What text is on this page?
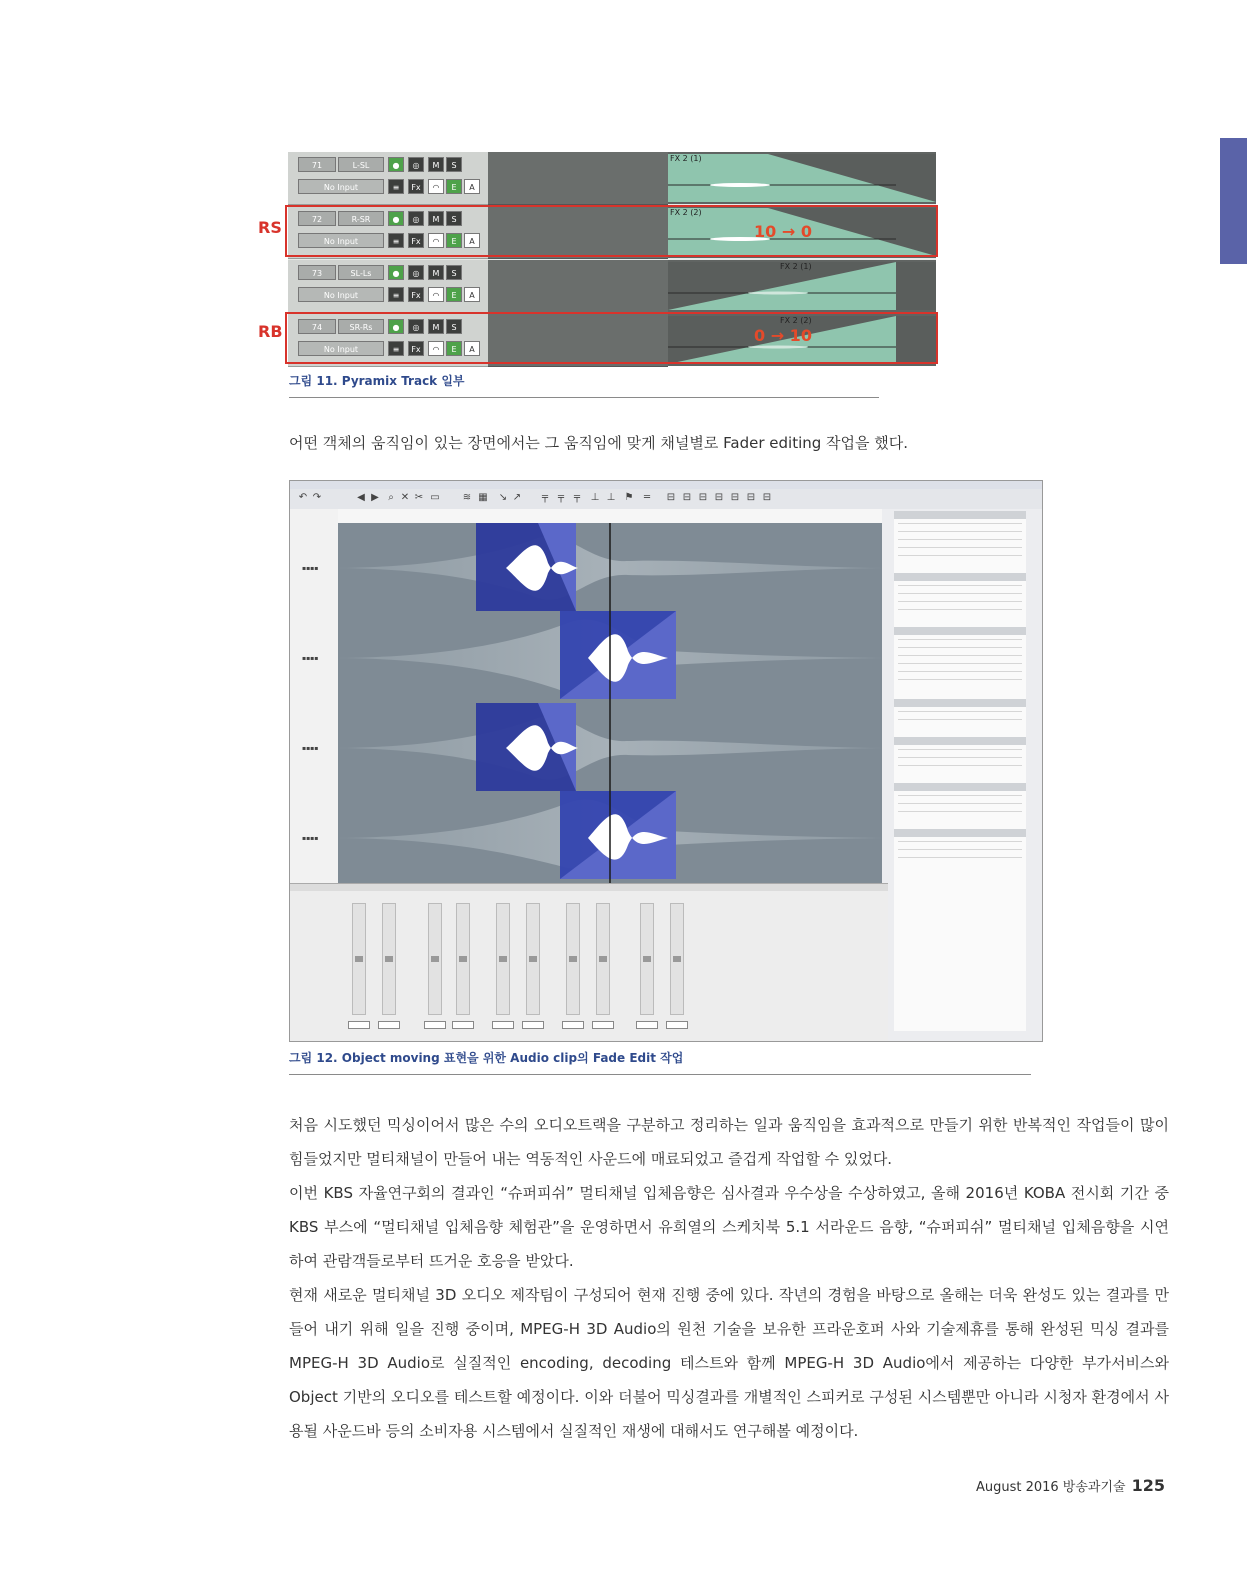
71	L-SL	●	◎	M	S
No Input	≡	Fx	◠	E	A
FX 2 (1)
72	R-SR	●	◎	M	S
No Input	≡	Fx	◠	E	A
FX 2 (2)
10 → 0
73	SL-Ls	●	◎	M	S
No Input	≡	Fx	◠	E	A
FX 2 (1)
74	SR-Rs	●	◎	M	S
No Input	≡	Fx	◠	E	A
FX 2 (2)
0 → 10
RS
RB
그림 11. Pyramix Track 일부
어떤 객체의 움직임이 있는 장면에서는 그 움직임에 맞게 채널별로 Fader editing 작업을 했다.
↶ ↷	◀ ▶ ⌕ ✕ ✂ ▭ ≋ ▦ ↘ ↗ ╤ ╤ ╤ ⊥ ⊥ ⚑ ═ ⊟ ⊟ ⊟ ⊟ ⊟ ⊟ ⊟
▪▪▪▪
▪▪▪▪
▪▪▪▪
▪▪▪▪
그림 12. Object moving 표현을 위한 Audio clip의 Fade Edit 작업

처음 시도했던 믹싱이어서 많은 수의 오디오트랙을 구분하고 정리하는 일과 움직임을 효과적으로 만들기 위한 반복적인 작업들이 많이 힘들었지만 멀티채널이 만들어 내는 역동적인 사운드에 매료되었고 즐겁게 작업할 수 있었다.

이번 KBS 자율연구회의 결과인 “슈퍼피쉬” 멀티채널 입체음향은 심사결과 우수상을 수상하였고, 올해 2016년 KOBA 전시회 기간 중 KBS 부스에 “멀티채널 입체음향 체험관”을 운영하면서 유희열의 스케치북 5.1 서라운드 음향, “슈퍼피쉬” 멀티채널 입체음향을 시연하여 관람객들로부터 뜨거운 호응을 받았다.

현재 새로운 멀티채널 3D 오디오 제작팀이 구성되어 현재 진행 중에 있다. 작년의 경험을 바탕으로 올해는 더욱 완성도 있는 결과를 만들어 내기 위해 일을 진행 중이며, MPEG-H 3D Audio의 원천 기술을 보유한 프라운호퍼 사와 기술제휴를 통해 완성된 믹싱 결과를 MPEG-H 3D Audio로 실질적인 encoding, decoding 테스트와 함께 MPEG-H 3D Audio에서 제공하는 다양한 부가서비스와 Object 기반의 오디오를 테스트할 예정이다. 이와 더불어 믹싱결과를 개별적인 스피커로 구성된 시스템뿐만 아니라 시청자 환경에서 사용될 사운드바 등의 소비자용 시스템에서 실질적인 재생에 대해서도 연구해볼 예정이다.

August 2016 방송과기술 125
